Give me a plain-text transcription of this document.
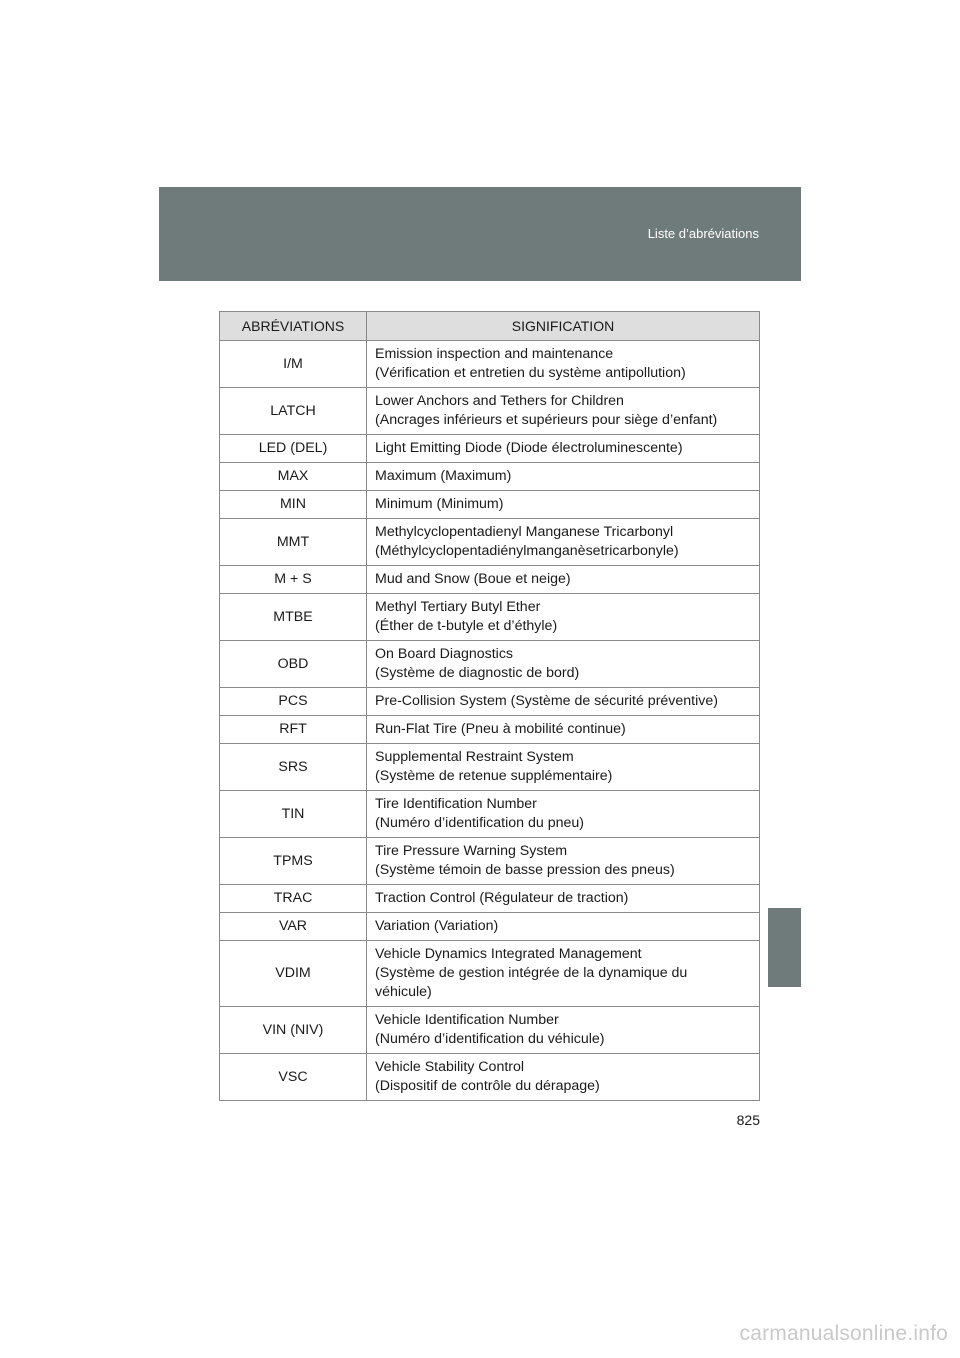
Liste d’abréviations
ABRÉVIATIONS	SIGNIFICATION
I/M	Emission inspection and maintenance
(Vérification et entretien du système antipollution)
LATCH	Lower Anchors and Tethers for Children
(Ancrages inférieurs et supérieurs pour siège d’enfant)
LED (DEL)	Light Emitting Diode (Diode électroluminescente)
MAX	Maximum (Maximum)
MIN	Minimum (Minimum)
MMT	Methylcyclopentadienyl Manganese Tricarbonyl
(Méthylcyclopentadiénylmanganèsetricarbonyle)
M + S	Mud and Snow (Boue et neige)
MTBE	Methyl Tertiary Butyl Ether
(Éther de t-butyle et d’éthyle)
OBD	On Board Diagnostics
(Système de diagnostic de bord)
PCS	Pre-Collision System (Système de sécurité préventive)
RFT	Run-Flat Tire (Pneu à mobilité continue)
SRS	Supplemental Restraint System
(Système de retenue supplémentaire)
TIN	Tire Identification Number
(Numéro d’identification du pneu)
TPMS	Tire Pressure Warning System
(Système témoin de basse pression des pneus)
TRAC	Traction Control (Régulateur de traction)
VAR	Variation (Variation)
VDIM	Vehicle Dynamics Integrated Management
(Système de gestion intégrée de la dynamique du
véhicule)
VIN (NIV)	Vehicle Identification Number
(Numéro d’identification du véhicule)
VSC	Vehicle Stability Control
(Dispositif de contrôle du dérapage)
825
carmanualsonline.info
